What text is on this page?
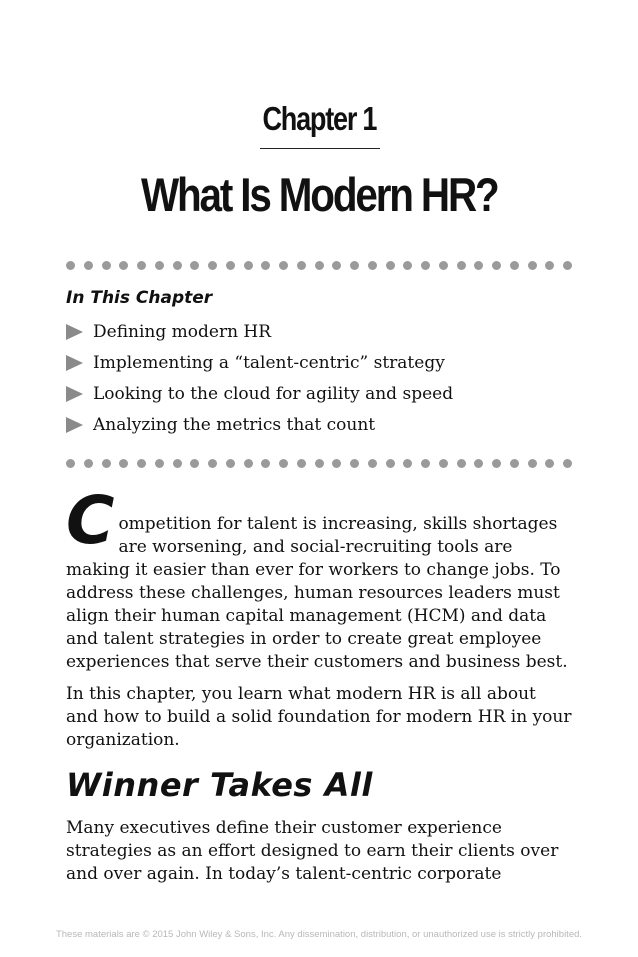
Chapter 1
What Is Modern HR?
In This Chapter
Defining modern HR
Implementing a “talent-centric” strategy
Looking to the cloud for agility and speed
Analyzing the metrics that count
C ompetition for talent is increasing, skills shortages are worsening, and social-recruiting tools are making it easier than ever for workers to change jobs. To address these challenges, human resources leaders must align their human capital management (HCM) and data and talent strategies in order to create great employee experiences that serve their customers and business best.

In this chapter, you learn what modern HR is all about and how to build a solid foundation for modern HR in your organization.

Winner Takes All

Many executives define their customer experience strategies as an effort designed to earn their clients over and over again. In today’s talent-centric corporate

These materials are © 2015 John Wiley & Sons, Inc. Any dissemination, distribution, or unauthorized use is strictly prohibited.
